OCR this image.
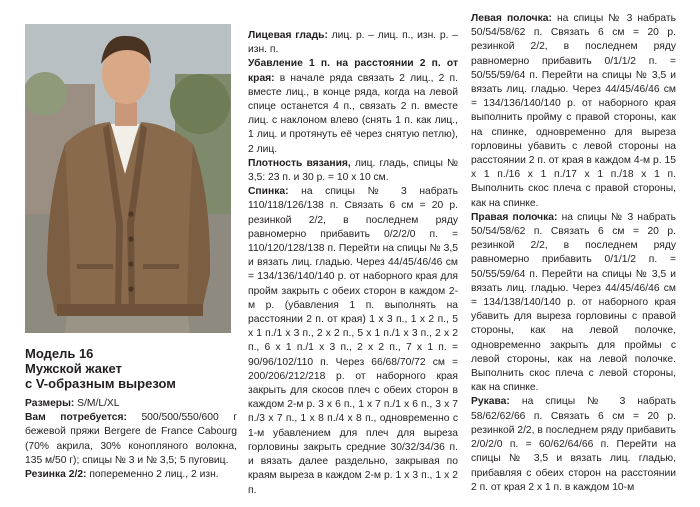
Модель 16

Мужской жакет

с V-образным вырезом

Размеры: S/M/L/XL

Вам потребуется: 500/500/550/600 г бежевой пряжи Bergere de France Cabourg (70% акрила, 30% конопляного волокна, 135 м/50 г); спицы № 3 и № 3,5; 5 пуговиц.

Резинка 2/2: попеременно 2 лиц., 2 изн.

Лицевая гладь: лиц. р. – лиц. п., изн. р. – изн. п.

Убавление 1 п. на расстоянии 2 п. от края: в начале ряда связать 2 лиц., 2 п. вместе лиц., в конце ряда, когда на левой спице останется 4 п., связать 2 п. вместе лиц. с наклоном влево (снять 1 п. как лиц., 1 лиц. и протянуть её через снятую петлю), 2 лиц.

Плотность вязания, лиц. гладь, спицы № 3,5: 23 п. и 30 р. = 10 х 10 см.

Спинка: на спицы № 3 набрать 110/118/126/138 п. Связать 6 см = 20 р. резинкой 2/2, в последнем ряду равномерно прибавить 0/2/2/0 п. = 110/120/128/138 п. Перейти на спицы № 3,5 и вязать лиц. гладью. Через 44/45/46/46 см = 134/136/140/140 р. от наборного края для пройм закрыть с обеих сторон в каждом 2-м р. (убавления 1 п. выполнять на расстоянии 2 п. от края) 1 х 3 п., 1 х 2 п., 5 х 1 п./1 х 3 п., 2 х 2 п., 5 х 1 п./1 х 3 п., 2 х 2 п., 6 х 1 п./1 х 3 п., 2 х 2 п., 7 х 1 п. = 90/96/102/110 п. Через 66/68/70/72 см = 200/206/212/218 р. от наборного края закрыть для скосов плеч с обеих сторон в каждом 2-м р. 3 х 6 п., 1 х 7 п./1 х 6 п., 3 х 7 п./3 х 7 п., 1 х 8 п./4 х 8 п., одновременно с 1-м убавлением для плеч для выреза горловины закрыть средние 30/32/34/36 п. и вязать далее раздельно, закрывая по краям выреза в каждом 2-м р. 1 х 3 п., 1 х 2 п.

Левая полочка: на спицы № 3 набрать 50/54/58/62 п. Связать 6 см = 20 р. резинкой 2/2, в последнем ряду равномерно прибавить 0/1/1/2 п. = 50/55/59/64 п. Перейти на спицы № 3,5 и вязать лиц. гладью. Через 44/45/46/46 см = 134/136/140/140 р. от наборного края выполнить пройму с правой стороны, как на спинке, одновременно для выреза горловины убавить с левой стороны на расстоянии 2 п. от края в каждом 4-м р. 15 х 1 п./16 х 1 п./17 х 1 п./18 х 1 п. Выполнить скос плеча с правой стороны, как на спинке.

Правая полочка: на спицы № 3 набрать 50/54/58/62 п. Связать 6 см = 20 р. резинкой 2/2, в последнем ряду равномерно прибавить 0/1/1/2 п. = 50/55/59/64 п. Перейти на спицы № 3,5 и вязать лиц. гладью. Через 44/45/46/46 см = 134/138/140/140 р. от наборного края убавить для выреза горловины с правой стороны, как на левой полочке, одновременно закрыть для проймы с левой стороны, как на левой полочке. Выполнить скос плеча с левой стороны, как на спинке.

Рукава: на спицы № 3 набрать 58/62/62/66 п. Связать 6 см = 20 р. резинкой 2/2, в последнем ряду прибавить 2/0/2/0 п. = 60/62/64/66 п. Перейти на спицы № 3,5 и вязать лиц. гладью, прибавляя с обеих сторон на расстоянии 2 п. от края 2 х 1 п. в каждом 10-м
